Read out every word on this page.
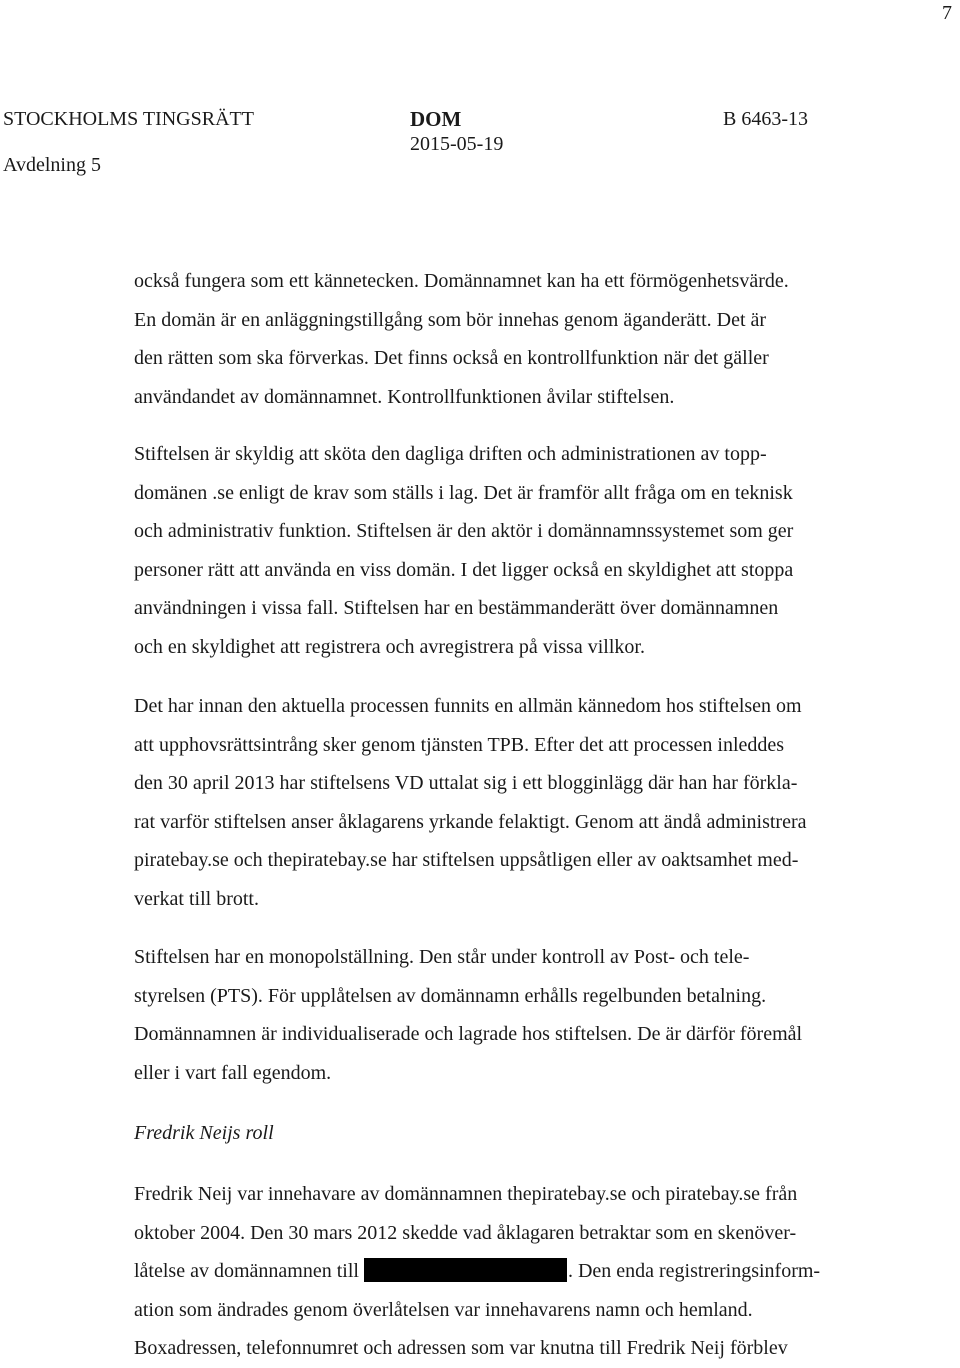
7
STOCKHOLMS TINGSRÄTT
Avdelning 5
DOM
2015-05-19
B 6463-13
också fungera som ett kännetecken. Domännamnet kan ha ett förmögenhetsvärde.
En domän är en anläggningstillgång som bör innehas genom äganderätt. Det är
den rätten som ska förverkas. Det finns också en kontrollfunktion när det gäller
användandet av domännamnet. Kontrollfunktionen åvilar stiftelsen.
Stiftelsen är skyldig att sköta den dagliga driften och administrationen av topp-
domänen .se enligt de krav som ställs i lag. Det är framför allt fråga om en teknisk
och administrativ funktion. Stiftelsen är den aktör i domännamnssystemet som ger
personer rätt att använda en viss domän. I det ligger också en skyldighet att stoppa
användningen i vissa fall. Stiftelsen har en bestämmanderätt över domännamnen
och en skyldighet att registrera och avregistrera på vissa villkor.
Det har innan den aktuella processen funnits en allmän kännedom hos stiftelsen om
att upphovsrättsintrång sker genom tjänsten TPB. Efter det att processen inleddes
den 30 april 2013 har stiftelsens VD uttalat sig i ett blogginlägg där han har förkla-
rat varför stiftelsen anser åklagarens yrkande felaktigt. Genom att ändå administrera
piratebay.se och thepiratebay.se har stiftelsen uppsåtligen eller av oaktsamhet med-
verkat till brott.
Stiftelsen har en monopolställning. Den står under kontroll av Post- och tele-
styrelsen (PTS). För upplåtelsen av domännamn erhålls regelbunden betalning.
Domännamnen är individualiserade och lagrade hos stiftelsen. De är därför föremål
eller i vart fall egendom.
Fredrik Neijs roll
Fredrik Neij var innehavare av domännamnen thepiratebay.se och piratebay.se från
oktober 2004. Den 30 mars 2012 skedde vad åklagaren betraktar som en skenöver-
låtelse av domännamnen till	. Den enda registreringsinform-
ation som ändrades genom överlåtelsen var innehavarens namn och hemland.
Boxadressen, telefonnumret och adressen som var knutna till Fredrik Neij förblev
